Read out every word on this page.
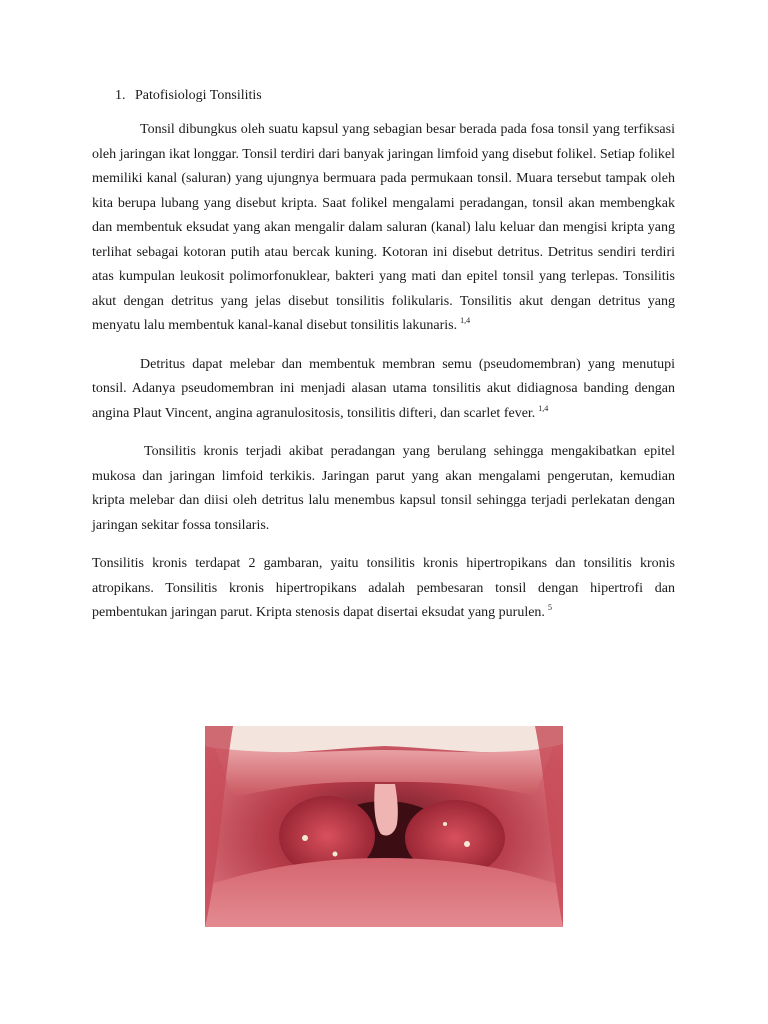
1. Patofisiologi Tonsilitis

Tonsil dibungkus oleh suatu kapsul yang sebagian besar berada pada fosa tonsil yang terfiksasi oleh jaringan ikat longgar. Tonsil terdiri dari banyak jaringan limfoid yang disebut folikel. Setiap folikel memiliki kanal (saluran) yang ujungnya bermuara pada permukaan tonsil. Muara tersebut tampak oleh kita berupa lubang yang disebut kripta. Saat folikel mengalami peradangan, tonsil akan membengkak dan membentuk eksudat yang akan mengalir dalam saluran (kanal) lalu keluar dan mengisi kripta yang terlihat sebagai kotoran putih atau bercak kuning. Kotoran ini disebut detritus. Detritus sendiri terdiri atas kumpulan leukosit polimorfonuklear, bakteri yang mati dan epitel tonsil yang terlepas. Tonsilitis akut dengan detritus yang jelas disebut tonsilitis folikularis. Tonsilitis akut dengan detritus yang menyatu lalu membentuk kanal-kanal disebut tonsilitis lakunaris. $^{1,4}$

Detritus dapat melebar dan membentuk membran semu (pseudomembran) yang menutupi tonsil. Adanya pseudomembran ini menjadi alasan utama tonsilitis akut didiagnosa banding dengan angina Plaut Vincent, angina agranulositosis, tonsilitis difteri, dan scarlet fever. $^{1,4}$

Tonsilitis kronis terjadi akibat peradangan yang berulang sehingga mengakibatkan epitel mukosa dan jaringan limfoid terkikis. Jaringan parut yang akan mengalami pengerutan, kemudian kripta melebar dan diisi oleh detritus lalu menembus kapsul tonsil sehingga terjadi perlekatan dengan jaringan sekitar fossa tonsilaris.

Tonsilitis kronis terdapat 2 gambaran, yaitu tonsilitis kronis hipertropikans dan tonsilitis kronis atropikans. Tonsilitis kronis hipertropikans adalah pembesaran tonsil dengan hipertrofi dan pembentukan jaringan parut. Kripta stenosis dapat disertai eksudat yang purulen. $^5$
